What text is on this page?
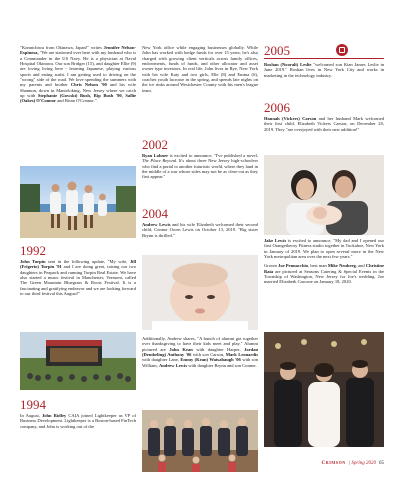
"Konnichiwa from Okinawa, Japan!" writes Jennifer Nelson-Espinosa, "We are stationed over here with my husband who is a Commander in the US Navy. He is a physician at Naval Hospital Okinawa. Our son Bridger (15), and daughter Ellie (9) are loving living here - learning Japanese, playing various sports and eating sushi. I am getting used to driving on the "wrong" side of the road. We love spending the summers with my parents and brother Chris Nelson '90 and his wife Shannon, down in Mantoloking, New Jersey where we catch up with Stephanie (Gowski) Bush, Rip Bush '90, Sallie (Oakes) O'Connor and Brian O'Connor."

1992

John Turpin sent in the following update, "My wife, Jill (Frigerio) Turpin '91 and I are doing great, raising our two daughters in Peapack and running Turpin Real Estate. We have also started a music festival in Manchester, Vermont, called The Green Mountain Bluegrass & Roots Festival. It is a fascinating and gratifying endeavor and we are looking forward to our third festival this August!"

1994

In August, John Ridley CAIA joined Lightkeeper as VP of Business Development. Lightkeeper is a Boston-based FinTech company, and John is working out of the

New York office while engaging businesses globally. While John has worked with hedge funds for over 15 years, he's also charged with growing client verticals across family offices, endowments, funds of funds, and other allocator and asset owner type investors. In real life, John lives in Rye, New York with his wife Katy and two girls, Elle (8) and Emma (6), coaches youth lacrosse in the spring, and spends late nights on the ice rinks around Westchester County with his men's league team.

2002

Ryan Lohner is excited to announce, "I've published a novel, The Place Beyond. It's about three New Jersey high-schoolers who find a portal to another futuristic world, where they land in the middle of a war whose sides may not be as clear-cut as they first appear."

2004

Andrew Lewis and his wife Elizabeth welcomed their second child, Connor Owen Lewis on October 13, 2019. "Big sister Brynn is thrilled."

Additionally, Andrew shares, "A bunch of alumni got together over thanksgiving to have their kids meet and play." Alumni pictured are John Kean with daughter Harper, Jordan (Dembeling) Anthony '06 with son Carson, Mark Leonardis with daughter Lane, Emmy (Kean) Watsabaugh '06 with son William, Andrew Lewis with daughter Brynn and son Connor.

2005

Roshan (Noorali) Leslie "welcomed son Kian James Leslie in June 2019." Roshan lives in New York City and works in marketing in the technology industry.

2006

Hannah (Vickers) Carson and her husband Mark welcomed their first child, Elizabeth Vickers Carson, on December 20, 2019. They "are overjoyed with their new addition!"

Jake Lewis is excited to announce, "My dad and I opened our first Orangetheory Fitness studio together in Tuckahoe, New York in January of 2019. We plan to open several more in the New York metropolitan area over the next few years."

Groom Joe Pennacchio, best man Mike Neuberg, and Christine Raia are pictured at Seasons Catering & Special Events in the Township of Washington, New Jersey for Joe's wedding. Joe married Elizabeth Carcone on January 18, 2020.

Crimson | Spring 2020 65
